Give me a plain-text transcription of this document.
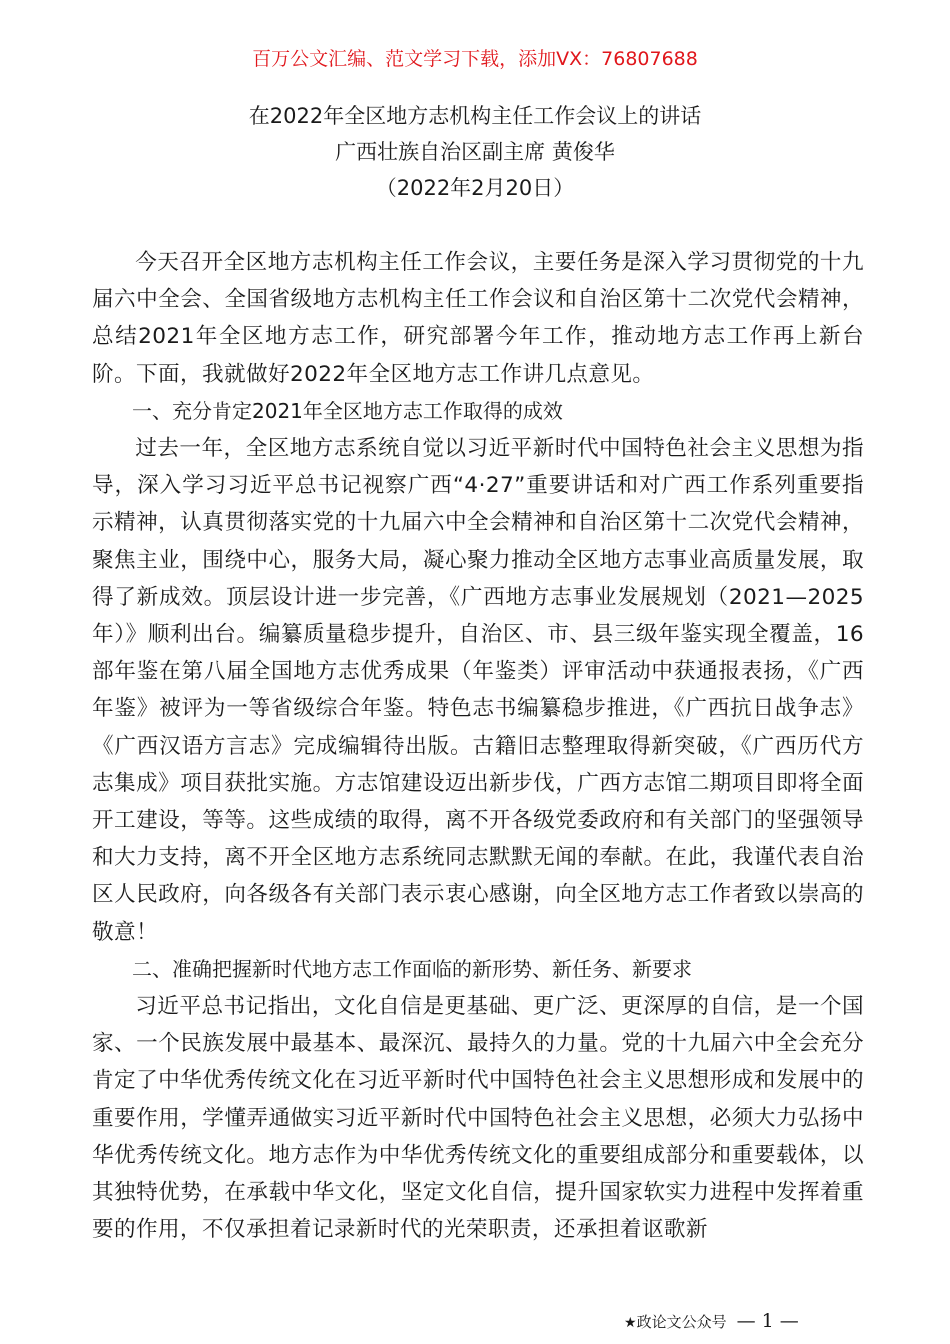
百万公文汇编、范文学习下载，添加VX：76807688
在2022年全区地方志机构主任工作会议上的讲话
广西壮族自治区副主席 黄俊华
（2022年2月20日）

今天召开全区地方志机构主任工作会议，主要任务是深入学习贯彻党的十九届六中全会、全国省级地方志机构主任工作会议和自治区第十二次党代会精神，总结2021年全区地方志工作，研究部署今年工作，推动地方志工作再上新台阶。下面，我就做好2022年全区地方志工作讲几点意见。

一、充分肯定2021年全区地方志工作取得的成效

过去一年，全区地方志系统自觉以习近平新时代中国特色社会主义思想为指导，深入学习习近平总书记视察广西“4·27”重要讲话和对广西工作系列重要指示精神，认真贯彻落实党的十九届六中全会精神和自治区第十二次党代会精神，聚焦主业，围绕中心，服务大局，凝心聚力推动全区地方志事业高质量发展，取得了新成效。顶层设计进一步完善，《广西地方志事业发展规划（2021—2025年）》顺利出台。编纂质量稳步提升，自治区、市、县三级年鉴实现全覆盖，16部年鉴在第八届全国地方志优秀成果（年鉴类）评审活动中获通报表扬，《广西年鉴》被评为一等省级综合年鉴。特色志书编纂稳步推进，《广西抗日战争志》《广西汉语方言志》完成编辑待出版。古籍旧志整理取得新突破，《广西历代方志集成》项目获批实施。方志馆建设迈出新步伐，广西方志馆二期项目即将全面开工建设，等等。这些成绩的取得，离不开各级党委政府和有关部门的坚强领导和大力支持，离不开全区地方志系统同志默默无闻的奉献。在此，我谨代表自治区人民政府，向各级各有关部门表示衷心感谢，向全区地方志工作者致以崇高的敬意！

二、准确把握新时代地方志工作面临的新形势、新任务、新要求

习近平总书记指出，文化自信是更基础、更广泛、更深厚的自信，是一个国家、一个民族发展中最基本、最深沉、最持久的力量。党的十九届六中全会充分肯定了中华优秀传统文化在习近平新时代中国特色社会主义思想形成和发展中的重要作用，学懂弄通做实习近平新时代中国特色社会主义思想，必须大力弘扬中华优秀传统文化。地方志作为中华优秀传统文化的重要组成部分和重要载体，以其独特优势，在承载中华文化，坚定文化自信，提升国家软实力进程中发挥着重要的作用，不仅承担着记录新时代的光荣职责，还承担着讴歌新

★政论文公众号 — 1 —
